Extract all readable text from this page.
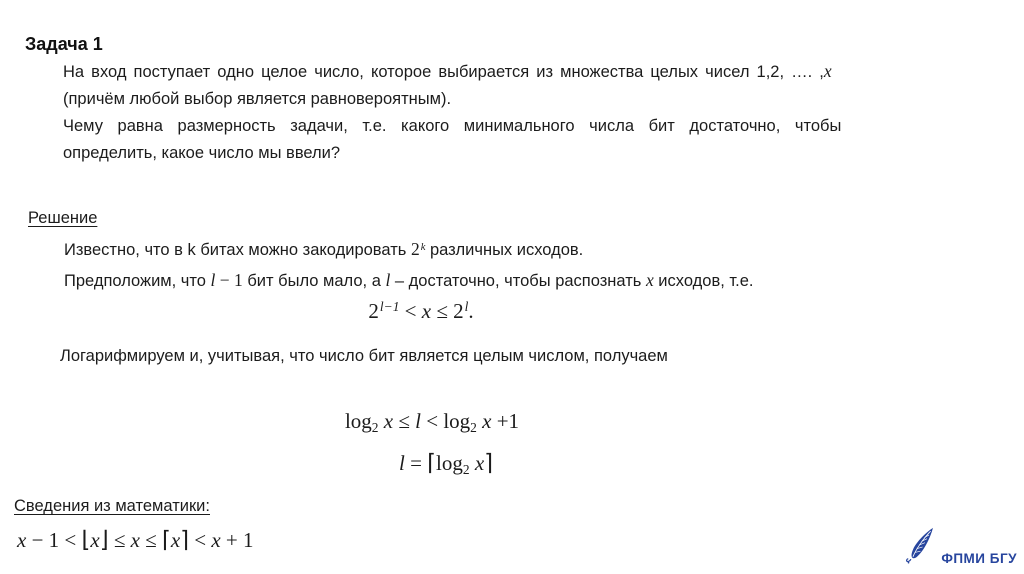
Задача 1
На вход поступает одно целое число, которое выбирается из множества целых чисел 1,2, …. ,x
(причём любой выбор является равновероятным).
Чему равна размерность задачи, т.е. какого минимального числа бит достаточно, чтобы
определить, какое число мы ввели?
Решение
Известно, что в k битах можно закодировать 2$^k$ различных исходов.
Предположим, что l − 1 бит было мало, а l – достаточно, чтобы распознать x исходов, т.е.
$2^{l-1} < x \le 2^l$.
Логарифмируем и, учитывая, что число бит является целым числом, получаем
log2 x ≤ l < log2 x +1
l = ⌈log2 x⌉
Сведения из математики:
x − 1 < ⌊x⌋ ≤ x ≤ ⌈x⌉ < x + 1
ФПМИ БГУ
